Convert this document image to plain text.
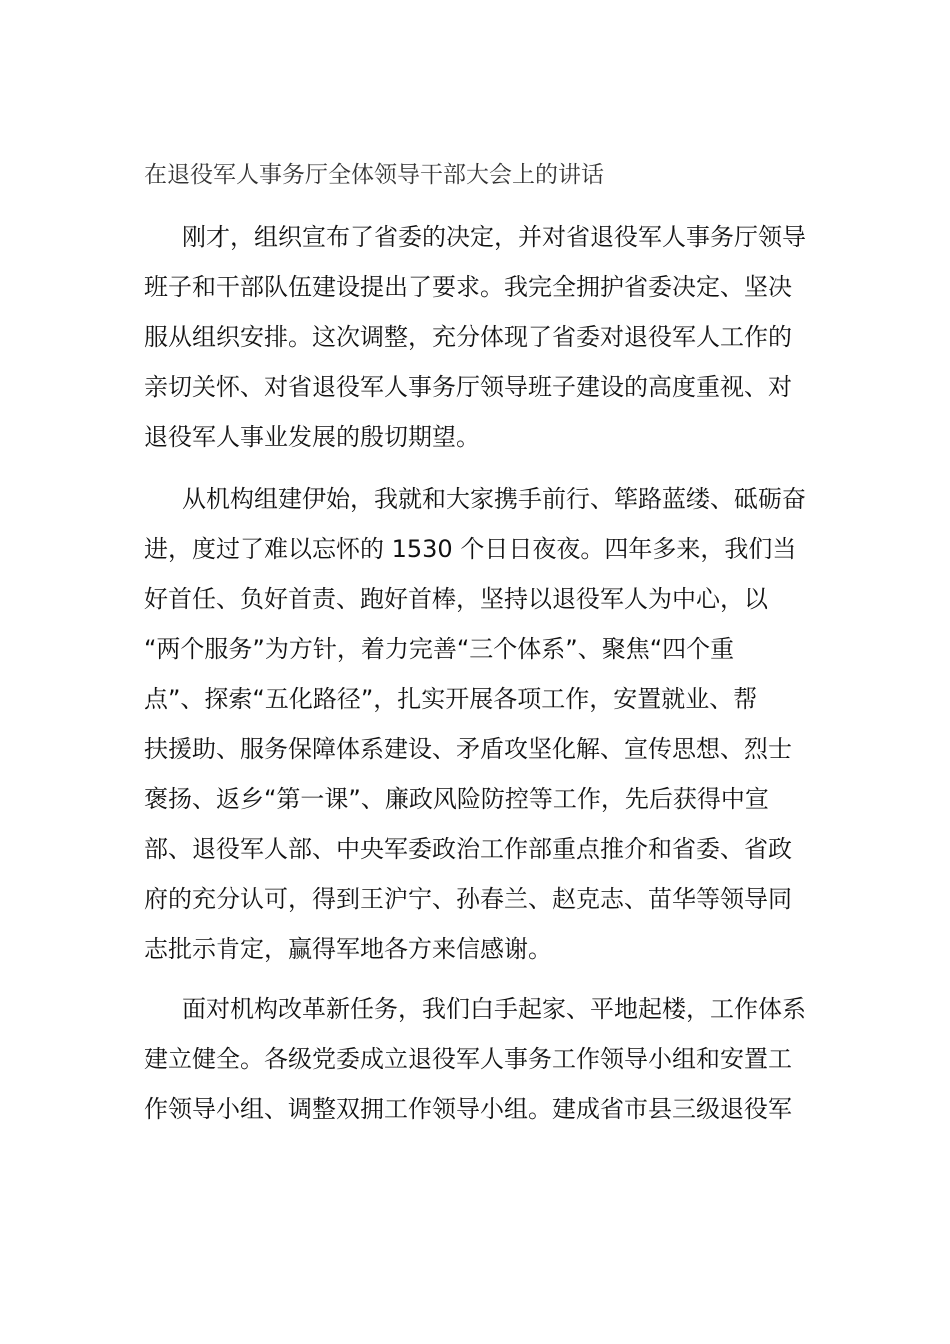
在退役军人事务厅全体领导干部大会上的讲话
刚才，组织宣布了省委的决定，并对省退役军人事务厅领导
班子和干部队伍建设提出了要求。我完全拥护省委决定、坚决
服从组织安排。这次调整，充分体现了省委对退役军人工作的
亲切关怀、对省退役军人事务厅领导班子建设的高度重视、对
退役军人事业发展的殷切期望。
从机构组建伊始，我就和大家携手前行、筚路蓝缕、砥砺奋
进，度过了难以忘怀的 1530 个日日夜夜。四年多来，我们当
好首任、负好首责、跑好首棒，坚持以退役军人为中心，以
“两个服务”为方针，着力完善“三个体系”、聚焦“四个重
点”、探索“五化路径”，扎实开展各项工作，安置就业、帮
扶援助、服务保障体系建设、矛盾攻坚化解、宣传思想、烈士
褒扬、返乡“第一课”、廉政风险防控等工作，先后获得中宣
部、退役军人部、中央军委政治工作部重点推介和省委、省政
府的充分认可，得到王沪宁、孙春兰、赵克志、苗华等领导同
志批示肯定，赢得军地各方来信感谢。
面对机构改革新任务，我们白手起家、平地起楼，工作体系
建立健全。各级党委成立退役军人事务工作领导小组和安置工
作领导小组、调整双拥工作领导小组。建成省市县三级退役军
